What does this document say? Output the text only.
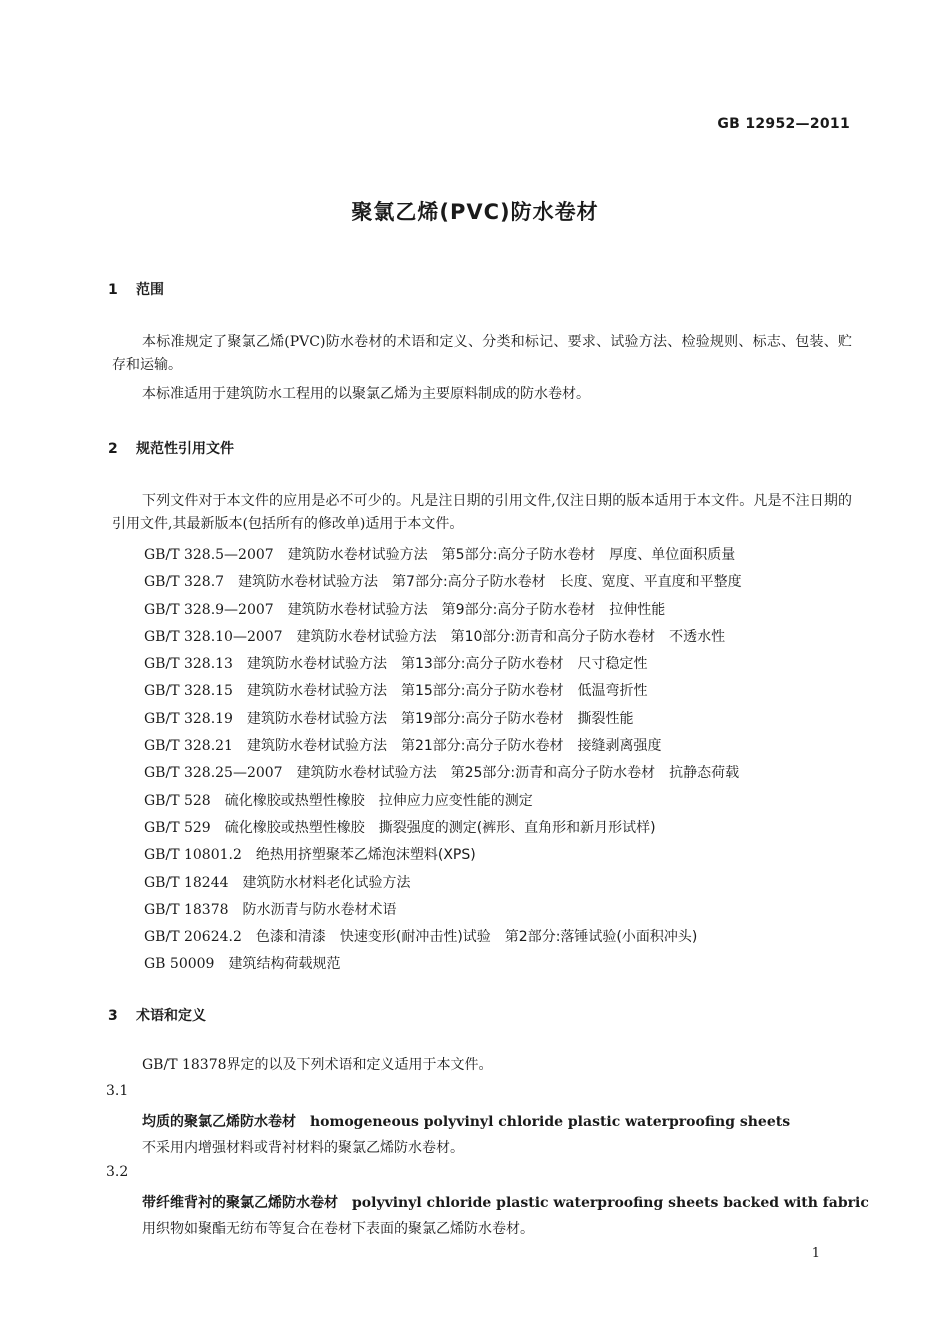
GB 12952—2011
聚氯乙烯(PVC)防水卷材
1 范围
本标准规定了聚氯乙烯(PVC)防水卷材的术语和定义、分类和标记、要求、试验方法、检验规则、标志、包装、贮存和运输。
本标准适用于建筑防水工程用的以聚氯乙烯为主要原料制成的防水卷材。
2 规范性引用文件
下列文件对于本文件的应用是必不可少的。凡是注日期的引用文件,仅注日期的版本适用于本文件。凡是不注日期的引用文件,其最新版本(包括所有的修改单)适用于本文件。
GB/T 328.5—2007 建筑防水卷材试验方法　第5部分:高分子防水卷材　厚度、单位面积质量
GB/T 328.7 建筑防水卷材试验方法　第7部分:高分子防水卷材　长度、宽度、平直度和平整度
GB/T 328.9—2007 建筑防水卷材试验方法　第9部分:高分子防水卷材　拉伸性能
GB/T 328.10—2007 建筑防水卷材试验方法　第10部分:沥青和高分子防水卷材　不透水性
GB/T 328.13 建筑防水卷材试验方法　第13部分:高分子防水卷材　尺寸稳定性
GB/T 328.15 建筑防水卷材试验方法　第15部分:高分子防水卷材　低温弯折性
GB/T 328.19 建筑防水卷材试验方法　第19部分:高分子防水卷材　撕裂性能
GB/T 328.21 建筑防水卷材试验方法　第21部分:高分子防水卷材　接缝剥离强度
GB/T 328.25—2007 建筑防水卷材试验方法　第25部分:沥青和高分子防水卷材　抗静态荷载
GB/T 528 硫化橡胶或热塑性橡胶　拉伸应力应变性能的测定
GB/T 529 硫化橡胶或热塑性橡胶　撕裂强度的测定(裤形、直角形和新月形试样)
GB/T 10801.2 绝热用挤塑聚苯乙烯泡沫塑料(XPS)
GB/T 18244 建筑防水材料老化试验方法
GB/T 18378 防水沥青与防水卷材术语
GB/T 20624.2 色漆和清漆　快速变形(耐冲击性)试验　第2部分:落锤试验(小面积冲头)
GB 50009 建筑结构荷载规范
3 术语和定义
GB/T 18378界定的以及下列术语和定义适用于本文件。
3.1
均质的聚氯乙烯防水卷材 homogeneous polyvinyl chloride plastic waterproofing sheets
不采用内增强材料或背衬材料的聚氯乙烯防水卷材。
3.2
带纤维背衬的聚氯乙烯防水卷材 polyvinyl chloride plastic waterproofing sheets backed with fabric
用织物如聚酯无纺布等复合在卷材下表面的聚氯乙烯防水卷材。
1
